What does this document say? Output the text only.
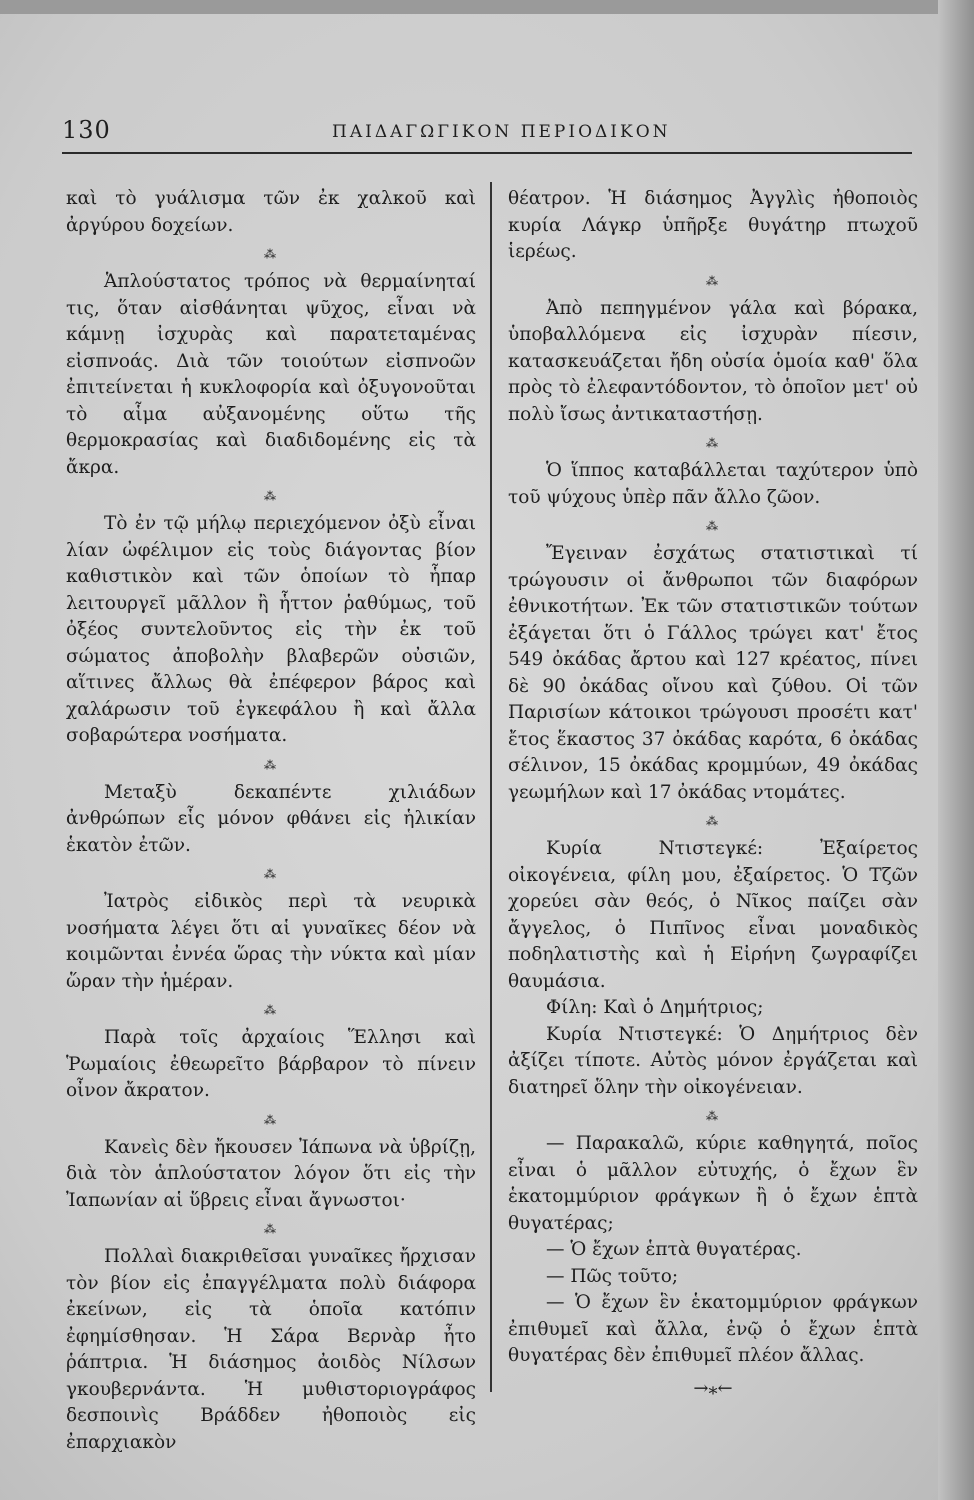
130	ΠΑΙΔΑΓΩΓΙΚΟΝ ΠΕΡΙΟΔΙΚΟΝ

καὶ τὸ γυάλισμα τῶν ἐκ χαλκοῦ καὶ ἀργύρου δοχείων.

⁂

Ἁπλούστατος τρόπος νὰ θερμαίνηταί τις, ὅταν αἰσθάνηται ψῦχος, εἶναι νὰ κάμνῃ ἰσχυρὰς καὶ παρατεταμένας εἰσπνοάς. Διὰ τῶν τοιούτων εἰσπνοῶν ἐπιτείνεται ἡ κυκλοφορία καὶ ὀξυγονοῦται τὸ αἷμα αὐξανομένης οὕτω τῆς θερμοκρασίας καὶ διαδιδομένης εἰς τὰ ἄκρα.

⁂

Τὸ ἐν τῷ μήλῳ περιεχόμενον ὀξὺ εἶναι λίαν ὠφέλιμον εἰς τοὺς διάγοντας βίον καθιστικὸν καὶ τῶν ὁποίων τὸ ἧπαρ λειτουργεῖ μᾶλλον ἢ ἧττον ῥαθύμως, τοῦ ὀξέος συντελοῦντος εἰς τὴν ἐκ τοῦ σώματος ἀποβολὴν βλαβερῶν οὐσιῶν, αἵτινες ἄλλως θὰ ἐπέφερον βάρος καὶ χαλάρωσιν τοῦ ἐγκεφάλου ἢ καὶ ἄλλα σοβαρώτερα νοσήματα.

⁂

Μεταξὺ δεκαπέντε χιλιάδων ἀνθρώπων εἷς μόνον φθάνει εἰς ἡλικίαν ἑκατὸν ἐτῶν.

⁂

Ἰατρὸς εἰδικὸς περὶ τὰ νευρικὰ νοσήματα λέγει ὅτι αἱ γυναῖκες δέον νὰ κοιμῶνται ἐννέα ὥρας τὴν νύκτα καὶ μίαν ὥραν τὴν ἡμέραν.

⁂

Παρὰ τοῖς ἀρχαίοις Ἕλλησι καὶ Ῥωμαίοις ἐθεωρεῖτο βάρβαρον τὸ πίνειν οἶνον ἄκρατον.

⁂

Κανεὶς δὲν ἤκουσεν Ἰάπωνα νὰ ὑβρίζῃ, διὰ τὸν ἁπλούστατον λόγον ὅτι εἰς τὴν Ἰαπωνίαν αἱ ὕβρεις εἶναι ἄγνωστοι·

⁂

Πολλαὶ διακριθεῖσαι γυναῖκες ἤρχισαν τὸν βίον εἰς ἐπαγγέλματα πολὺ διάφορα ἐκείνων, εἰς τὰ ὁποῖα κατόπιν ἐφημίσθησαν. Ἡ Σάρα Βερνὰρ ἦτο ῥάπτρια. Ἡ διάσημος ἀοιδὸς Νίλσων γκουβερνάντα. Ἡ μυθιστοριογράφος δεσποινὶς Βράδδεν ἠθοποιὸς εἰς ἐπαρχιακὸν

θέατρον. Ἡ διάσημος Ἀγγλὶς ἠθοποιὸς κυρία Λάγκρ ὑπῆρξε θυγάτηρ πτωχοῦ ἱερέως.

⁂

Ἀπὸ πεπηγμένον γάλα καὶ βόρακα, ὑποβαλλόμενα εἰς ἰσχυρὰν πίεσιν, κατασκευάζεται ἤδη οὐσία ὁμοία καθ' ὅλα πρὸς τὸ ἐλεφαντόδοντον, τὸ ὁποῖον μετ' οὐ πολὺ ἴσως ἀντικαταστήσῃ.

⁂

Ὁ ἵππος καταβάλλεται ταχύτερον ὑπὸ τοῦ ψύχους ὑπὲρ πᾶν ἄλλο ζῶον.

⁂

Ἔγειναν ἐσχάτως στατιστικαὶ τί τρώγουσιν οἱ ἄνθρωποι τῶν διαφόρων ἐθνικοτήτων. Ἐκ τῶν στατιστικῶν τούτων ἐξάγεται ὅτι ὁ Γάλλος τρώγει κατ' ἔτος 549 ὀκάδας ἄρτου καὶ 127 κρέατος, πίνει δὲ 90 ὀκάδας οἴνου καὶ ζύθου. Οἱ τῶν Παρισίων κάτοικοι τρώγουσι προσέτι κατ' ἔτος ἕκαστος 37 ὀκάδας καρότα, 6 ὀκάδας σέλινον, 15 ὀκάδας κρομμύων, 49 ὀκάδας γεωμήλων καὶ 17 ὀκάδας ντομάτες.

⁂

Κυρία Ντιστεγκέ: Ἐξαίρετος οἰκογένεια, φίλη μου, ἐξαίρετος. Ὁ Τζῶν χορεύει σὰν θεός, ὁ Νῖκος παίζει σὰν ἄγγελος, ὁ Πιπῖνος εἶναι μοναδικὸς ποδηλατιστὴς καὶ ἡ Εἰρήνη ζωγραφίζει θαυμάσια.

Φίλη: Καὶ ὁ Δημήτριος;

Κυρία Ντιστεγκέ: Ὁ Δημήτριος δὲν ἀξίζει τίποτε. Αὐτὸς μόνον ἐργάζεται καὶ διατηρεῖ ὅλην τὴν οἰκογένειαν.

⁂

— Παρακαλῶ, κύριε καθηγητά, ποῖος εἶναι ὁ μᾶλλον εὐτυχής, ὁ ἔχων ἓν ἑκατομμύριον φράγκων ἢ ὁ ἔχων ἑπτὰ θυγατέρας;

— Ὁ ἔχων ἑπτὰ θυγατέρας.

— Πῶς τοῦτο;

— Ὁ ἔχων ἓν ἑκατομμύριον φράγκων ἐπιθυμεῖ καὶ ἄλλα, ἐνῷ ὁ ἔχων ἑπτὰ θυγατέρας δὲν ἐπιθυμεῖ πλέον ἄλλας.

→⁎←
